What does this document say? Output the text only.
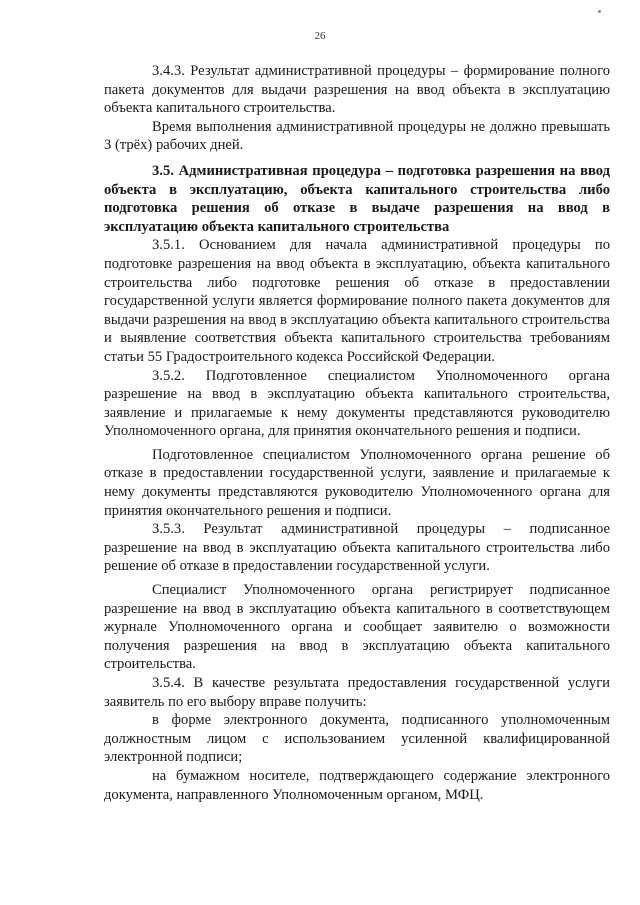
26

3.4.3. Результат административной процедуры – формирование полного пакета документов для выдачи разрешения на ввод объекта в эксплуатацию объекта капитального строительства.

Время выполнения административной процедуры не должно превышать 3 (трёх) рабочих дней.

3.5. Административная процедура – подготовка разрешения на ввод объекта в эксплуатацию, объекта капитального строительства либо подготовка решения об отказе в выдаче разрешения на ввод в эксплуатацию объекта капитального строительства

3.5.1. Основанием для начала административной процедуры по подготовке разрешения на ввод объекта в эксплуатацию, объекта капитального строительства либо подготовке решения об отказе в предоставлении государственной услуги является формирование полного пакета документов для выдачи разрешения на ввод в эксплуатацию объекта капитального строительства и выявление соответствия объекта капитального строительства требованиям статьи 55 Градостроительного кодекса Российской Федерации.

3.5.2. Подготовленное специалистом Уполномоченного органа разрешение на ввод в эксплуатацию объекта капитального строительства, заявление и прилагаемые к нему документы представляются руководителю Уполномоченного органа, для принятия окончательного решения и подписи.

Подготовленное специалистом Уполномоченного органа решение об отказе в предоставлении государственной услуги, заявление и прилагаемые к нему документы представляются руководителю Уполномоченного органа для принятия окончательного решения и подписи.

3.5.3. Результат административной процедуры – подписанное разрешение на ввод в эксплуатацию объекта капитального строительства либо решение об отказе в предоставлении государственной услуги.

Специалист Уполномоченного органа регистрирует подписанное разрешение на ввод в эксплуатацию объекта капитального в соответствующем журнале Уполномоченного органа и сообщает заявителю о возможности получения разрешения на ввод в эксплуатацию объекта капитального строительства.

3.5.4. В качестве результата предоставления государственной услуги заявитель по его выбору вправе получить:

в форме электронного документа, подписанного уполномоченным должностным лицом с использованием усиленной квалифицированной электронной подписи;

на бумажном носителе, подтверждающего содержание электронного документа, направленного Уполномоченным органом, МФЦ.
